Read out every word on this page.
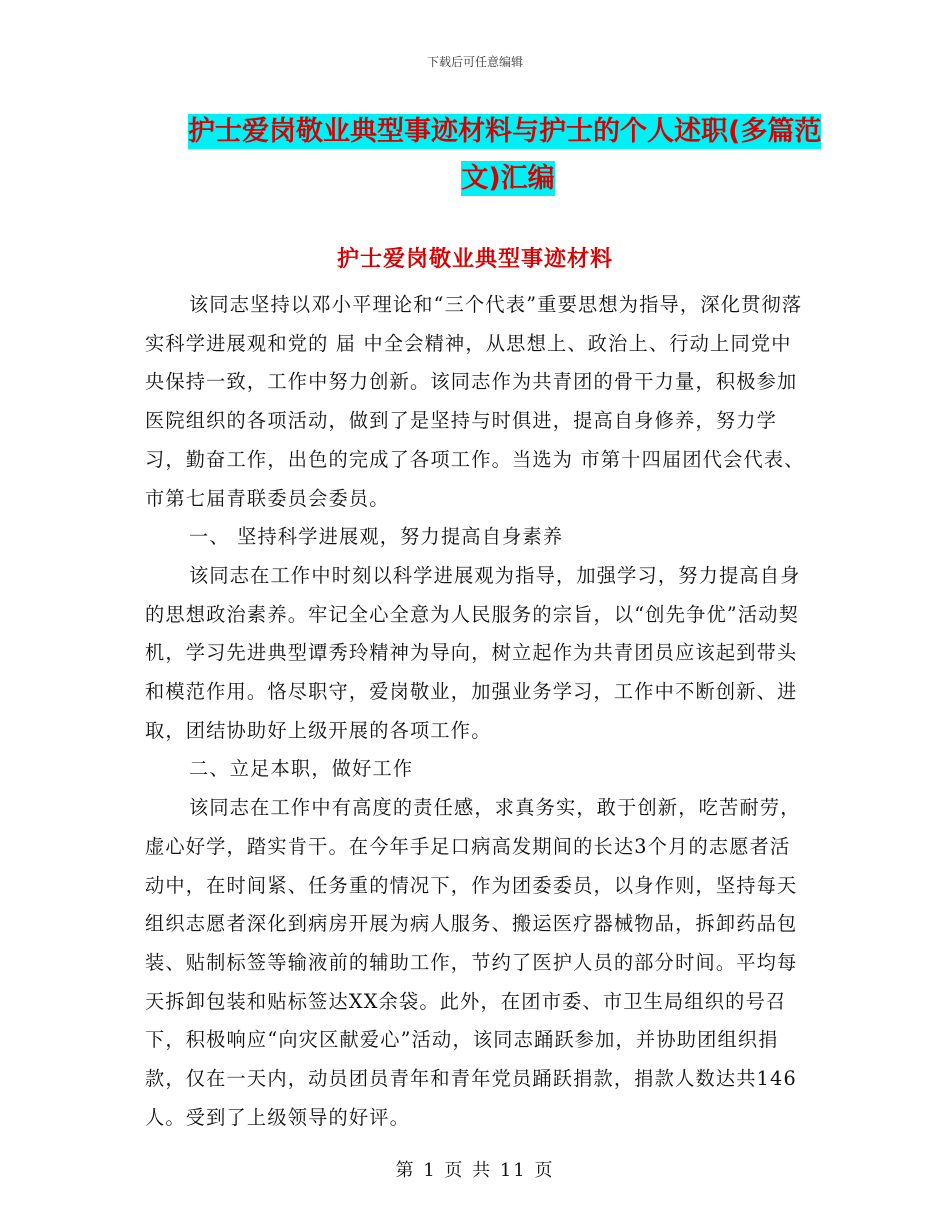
下载后可任意编辑
护士爱岗敬业典型事迹材料与护士的个人述职(多篇范
文)汇编
护士爱岗敬业典型事迹材料

该同志坚持以邓小平理论和“三个代表”重要思想为指导，深化贯彻落实科学进展观和党的 届 中全会精神，从思想上、政治上、行动上同党中央保持一致，工作中努力创新。该同志作为共青团的骨干力量，积极参加医院组织的各项活动，做到了是坚持与时俱进，提高自身修养，努力学习，勤奋工作，出色的完成了各项工作。当选为 市第十四届团代会代表、 市第七届青联委员会委员。

一、 坚持科学进展观，努力提高自身素养

该同志在工作中时刻以科学进展观为指导，加强学习，努力提高自身的思想政治素养。牢记全心全意为人民服务的宗旨，以“创先争优”活动契机，学习先进典型谭秀玲精神为导向，树立起作为共青团员应该起到带头和模范作用。恪尽职守，爱岗敬业，加强业务学习，工作中不断创新、进取，团结协助好上级开展的各项工作。

二、立足本职，做好工作

该同志在工作中有高度的责任感，求真务实，敢于创新，吃苦耐劳，虚心好学，踏实肯干。在今年手足口病高发期间的长达3个月的志愿者活动中，在时间紧、任务重的情况下，作为团委委员，以身作则，坚持每天组织志愿者深化到病房开展为病人服务、搬运医疗器械物品，拆卸药品包装、贴制标签等输液前的辅助工作，节约了医护人员的部分时间。平均每天拆卸包装和贴标签达XX余袋。此外，在团市委、市卫生局组织的号召下，积极响应“向灾区献爱心”活动，该同志踊跃参加，并协助团组织捐款，仅在一天内，动员团员青年和青年党员踊跃捐款，捐款人数达共146人。受到了上级领导的好评。

第 1 页 共 11 页
